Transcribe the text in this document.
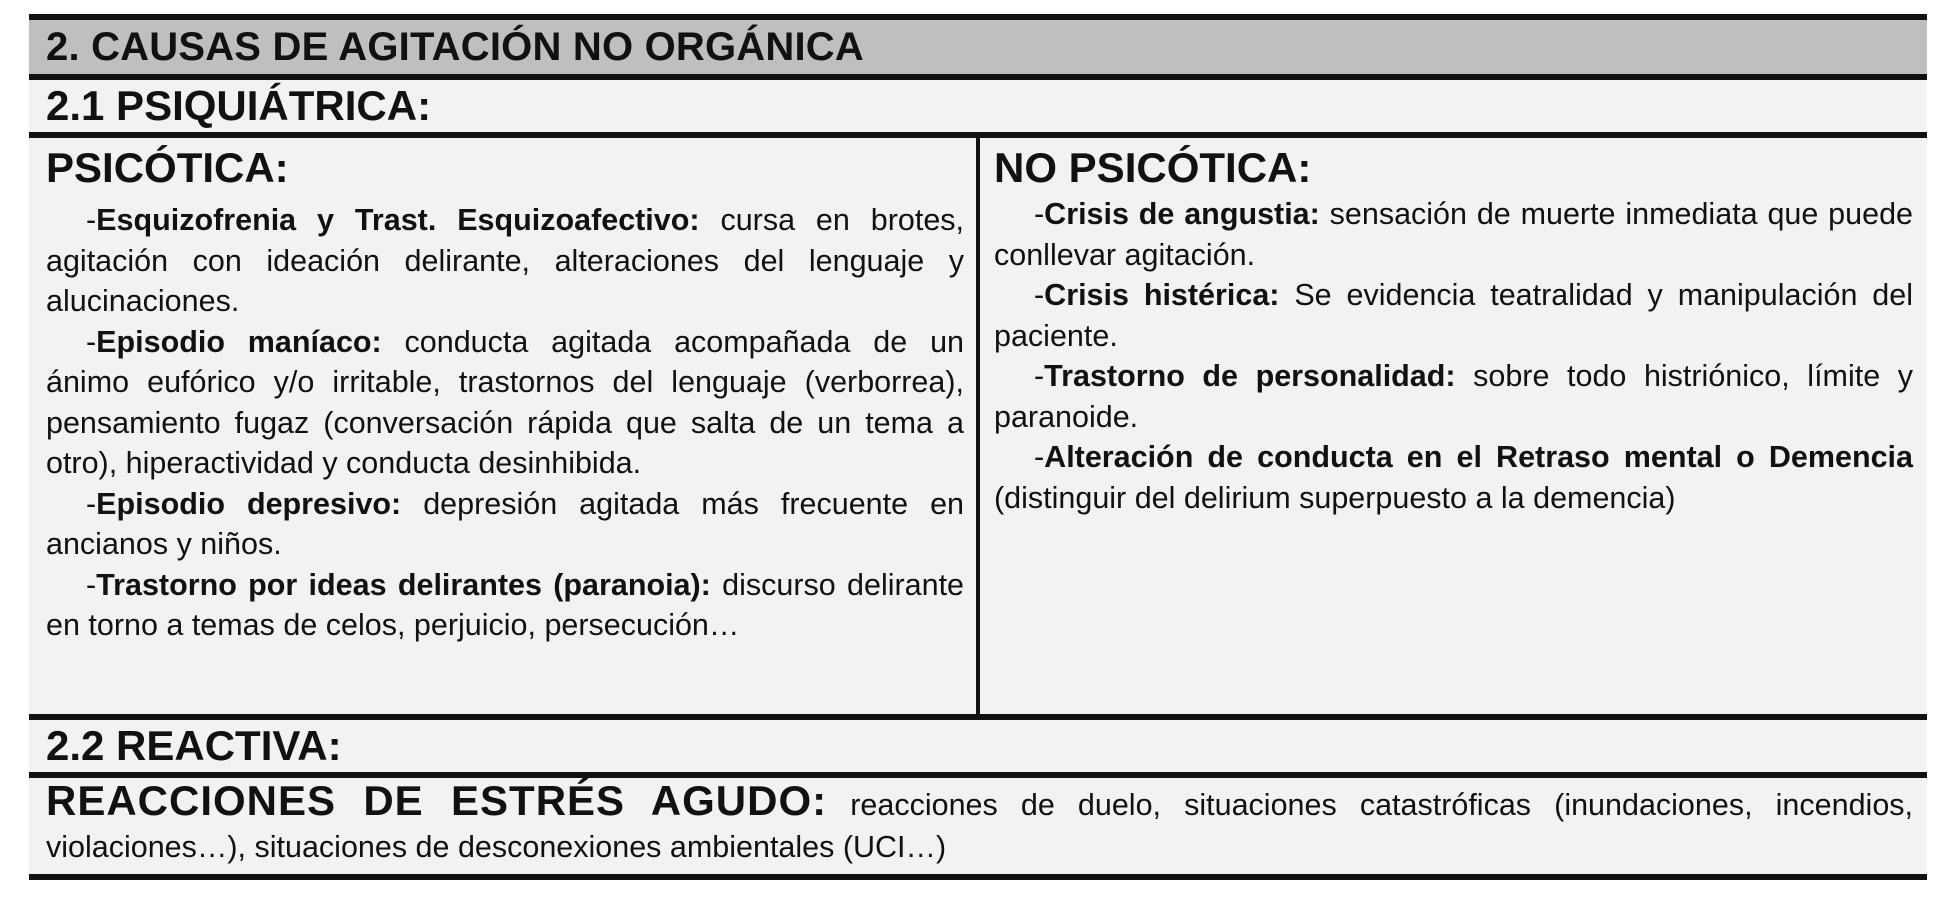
2. CAUSAS DE AGITACIÓN NO ORGÁNICA
2.1 PSIQUIÁTRICA:
PSICÓTICA:

-Esquizofrenia y Trast. Esquizoafectivo: cursa en brotes, agitación con ideación delirante, alteraciones del lenguaje y alucinaciones.

-Episodio maníaco: conducta agitada acompañada de un ánimo eufórico y/o irritable, trastornos del lenguaje (verborrea), pensamiento fugaz (conversación rápida que salta de un tema a otro), hiperactividad y conducta desinhibida.

-Episodio depresivo: depresión agitada más frecuente en ancianos y niños.

-Trastorno por ideas delirantes (paranoia): discurso delirante en torno a temas de celos, perjuicio, persecución…

NO PSICÓTICA:

-Crisis de angustia: sensación de muerte inmediata que puede conllevar agitación.

-Crisis histérica: Se evidencia teatralidad y manipulación del paciente.

-Trastorno de personalidad: sobre todo histriónico, límite y paranoide.

-Alteración de conducta en el Retraso mental o Demencia (distinguir del delirium superpuesto a la demencia)

2.2 REACTIVA:
REACCIONES DE ESTRÉS AGUDO: reacciones de duelo, situaciones catastróficas (inundaciones, incendios, violaciones…), situaciones de desconexiones ambientales (UCI…)
